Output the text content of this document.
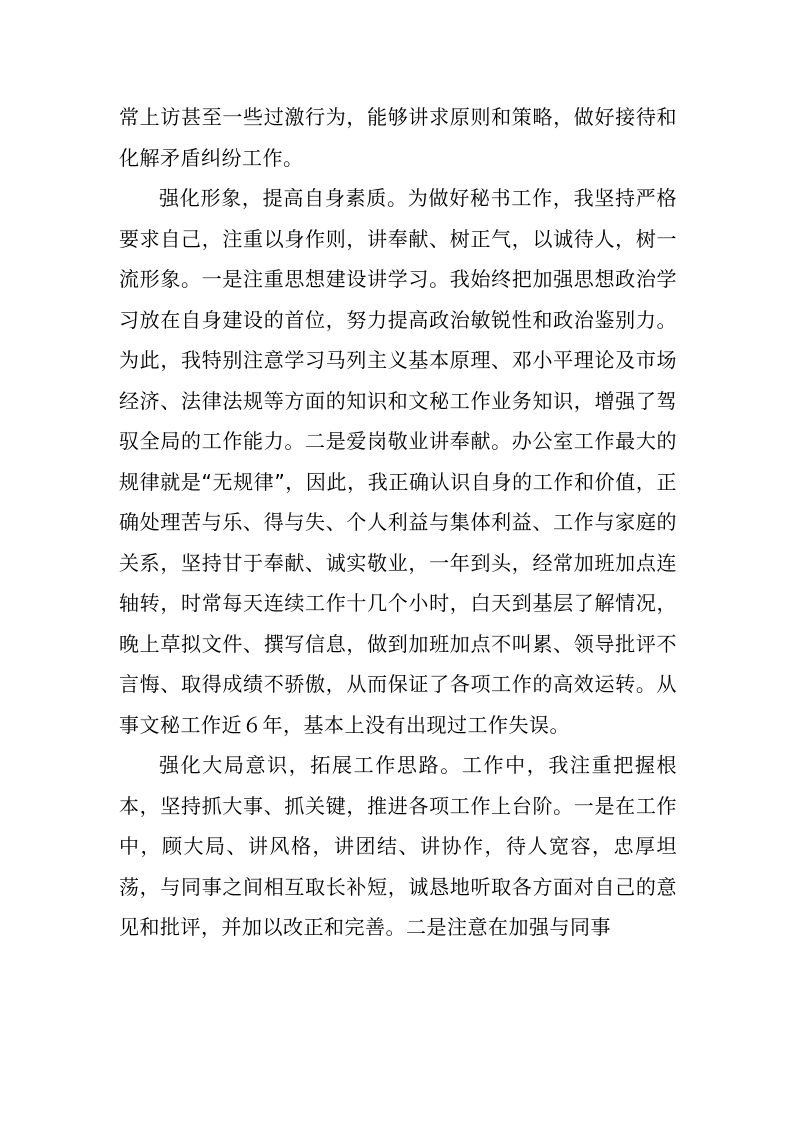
常上访甚至一些过激行为，能够讲求原则和策略，做好接待和化解矛盾纠纷工作。

强化形象，提高自身素质。为做好秘书工作，我坚持严格要求自己，注重以身作则，讲奉献、树正气，以诚待人，树一流形象。一是注重思想建设讲学习。我始终把加强思想政治学习放在自身建设的首位，努力提高政治敏锐性和政治鉴别力。为此，我特别注意学习马列主义基本原理、邓小平理论及市场经济、法律法规等方面的知识和文秘工作业务知识，增强了驾驭全局的工作能力。二是爱岗敬业讲奉献。办公室工作最大的规律就是“无规律”，因此，我正确认识自身的工作和价值，正确处理苦与乐、得与失、个人利益与集体利益、工作与家庭的关系，坚持甘于奉献、诚实敬业，一年到头，经常加班加点连轴转，时常每天连续工作十几个小时，白天到基层了解情况，晚上草拟文件、撰写信息，做到加班加点不叫累、领导批评不言悔、取得成绩不骄傲，从而保证了各项工作的高效运转。从事文秘工作近６年，基本上没有出现过工作失误。

强化大局意识，拓展工作思路。工作中，我注重把握根本，坚持抓大事、抓关键，推进各项工作上台阶。一是在工作中，顾大局、讲风格，讲团结、讲协作，待人宽容，忠厚坦荡，与同事之间相互取长补短，诚恳地听取各方面对自己的意见和批评，并加以改正和完善。二是注意在加强与同事
